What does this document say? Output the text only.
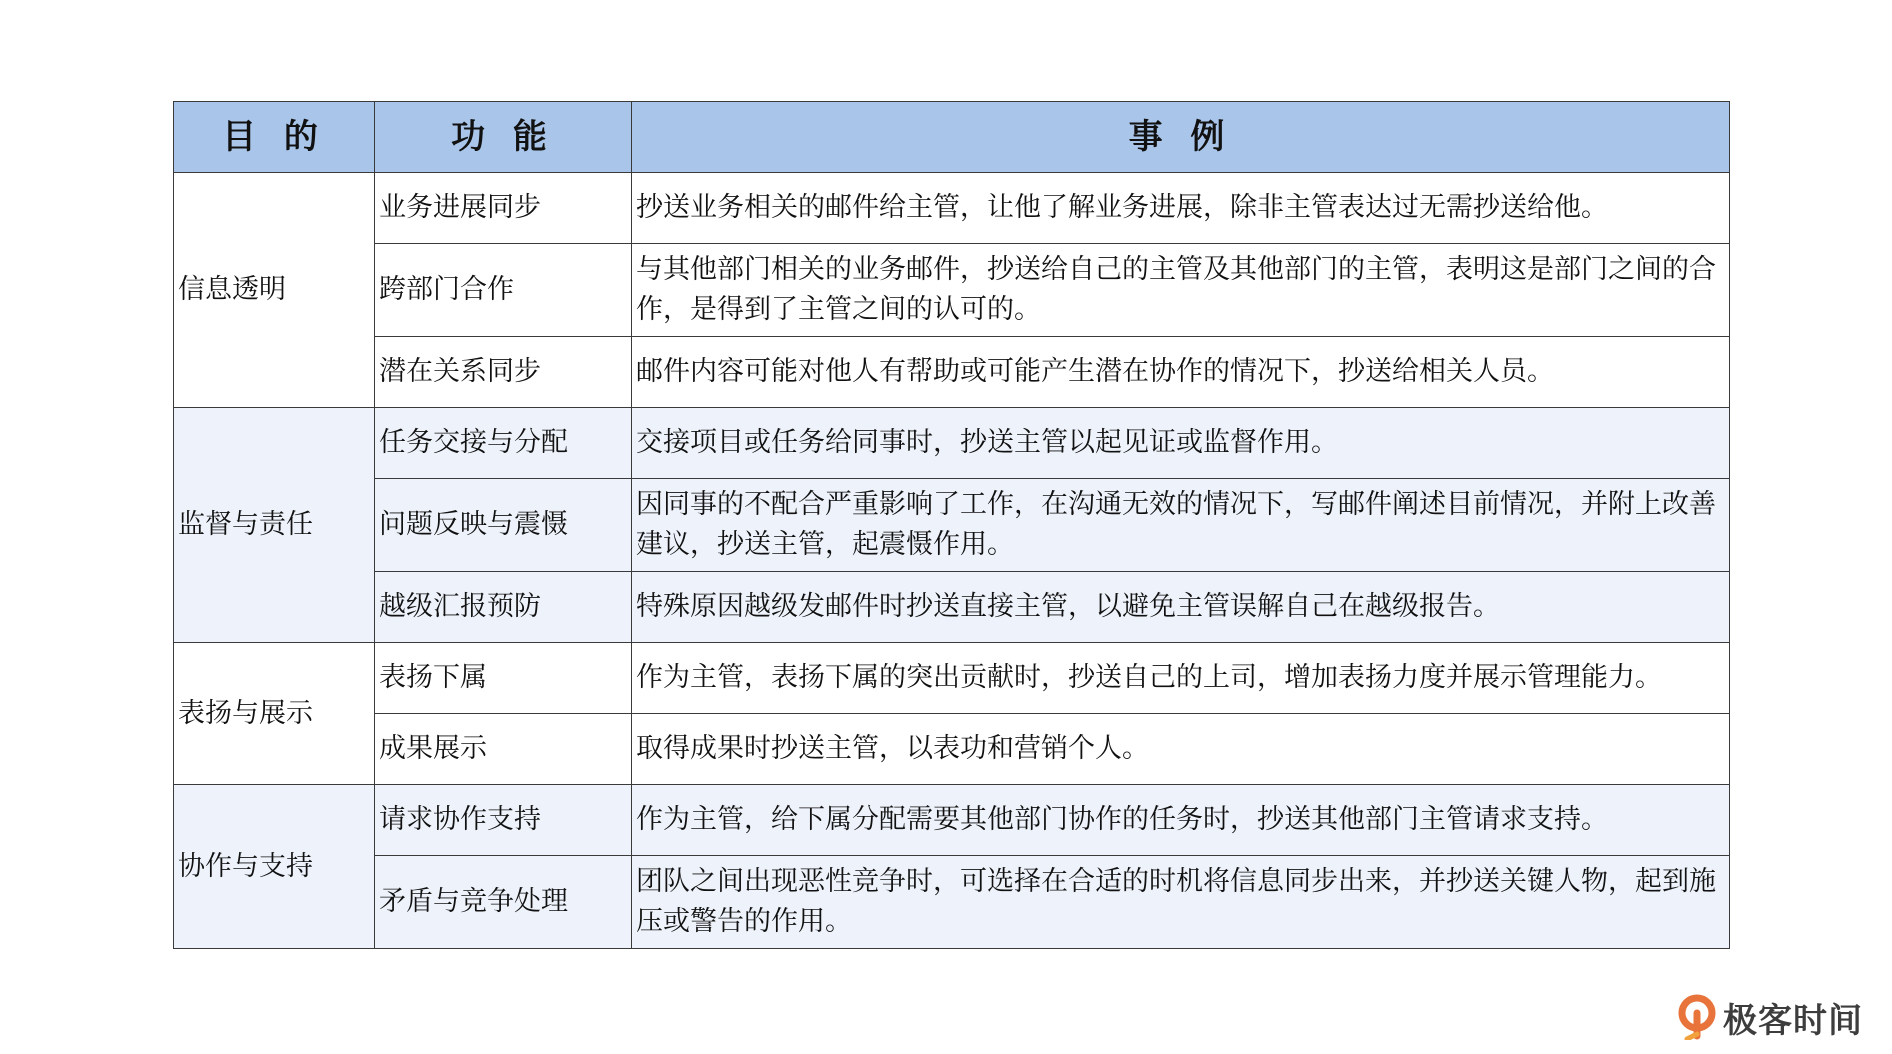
目 的	功 能	事 例
信息透明	业务进展同步	抄送业务相关的邮件给主管，让他了解业务进展，除非主管表达过无需抄送给他。
	跨部门合作	与其他部门相关的业务邮件，抄送给自己的主管及其他部门的主管，表明这是部门之间的合作，是得到了主管之间的认可的。
	潜在关系同步	邮件内容可能对他人有帮助或可能产生潜在协作的情况下，抄送给相关人员。
监督与责任	任务交接与分配	交接项目或任务给同事时，抄送主管以起见证或监督作用。
	问题反映与震慑	因同事的不配合严重影响了工作，在沟通无效的情况下，写邮件阐述目前情况，并附上改善建议，抄送主管，起震慑作用。
	越级汇报预防	特殊原因越级发邮件时抄送直接主管，以避免主管误解自己在越级报告。
表扬与展示	表扬下属	作为主管，表扬下属的突出贡献时，抄送自己的上司，增加表扬力度并展示管理能力。
	成果展示	取得成果时抄送主管，以表功和营销个人。
协作与支持	请求协作支持	作为主管，给下属分配需要其他部门协作的任务时，抄送其他部门主管请求支持。
	矛盾与竞争处理	团队之间出现恶性竞争时，可选择在合适的时机将信息同步出来，并抄送关键人物，起到施压或警告的作用。
极客时间
